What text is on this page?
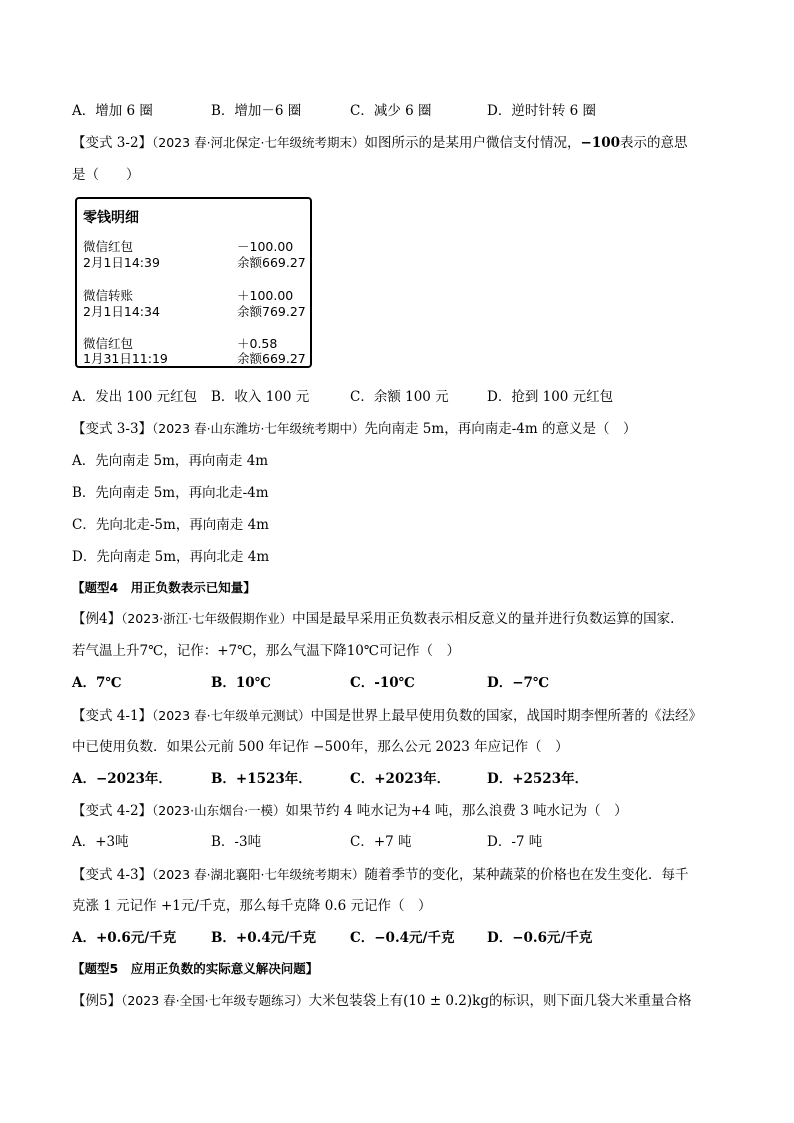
A．增加 6 圈	B．增加－6 圈	C．减少 6 圈	D．逆时针转 6 圈
【变式 3-2】（2023 春·河北保定·七年级统考期末）如图所示的是某用户微信支付情况，−100表示的意思
是（　　）
零钱明细
微信红包	－100.00
2月1日14:39	余额669.27
微信转账	＋100.00
2月1日14:34	余额769.27
微信红包	＋0.58
1月31日11:19	余额669.27
A．发出 100 元红包 B．收入 100 元	C．余额 100 元	D．抢到 100 元红包
【变式 3-3】（2023 春·山东潍坊·七年级统考期中）先向南走 5m，再向南走-4m 的意义是（　）
A．先向南走 5m，再向南走 4m
B．先向南走 5m，再向北走-4m
C．先向北走-5m，再向南走 4m
D．先向南走 5m，再向北走 4m
【题型4　用正负数表示已知量】
【例4】（2023·浙江·七年级假期作业）中国是最早采用正负数表示相反意义的量并进行负数运算的国家.
若气温上升7℃，记作：+7℃，那么气温下降10℃可记作（　）
A．7℃	B．10℃	C．-10℃	D．−7℃
【变式 4-1】（2023 春·七年级单元测试）中国是世界上最早使用负数的国家，战国时期李悝所著的《法经》
中已使用负数．如果公元前 500 年记作 −500年，那么公元 2023 年应记作（　）
A．−2023年．	B．+1523年．	C．+2023年．	D．+2523年．
【变式 4-2】（2023·山东烟台·一模）如果节约 4 吨水记为+4 吨，那么浪费 3 吨水记为（　）
A．+3吨	B．-3吨	C．+7 吨	D．-7 吨
【变式 4-3】（2023 春·湖北襄阳·七年级统考期末）随着季节的变化，某种蔬菜的价格也在发生变化．每千
克涨 1 元记作 +1元/千克，那么每千克降 0.6 元记作（　）
A．+0.6元/千克	B．+0.4元/千克	C．−0.4元/千克 D．−0.6元/千克
【题型5　应用正负数的实际意义解决问题】
【例5】（2023 春·全国·七年级专题练习）大米包装袋上有(10 ± 0.2)kg的标识，则下面几袋大米重量合格
